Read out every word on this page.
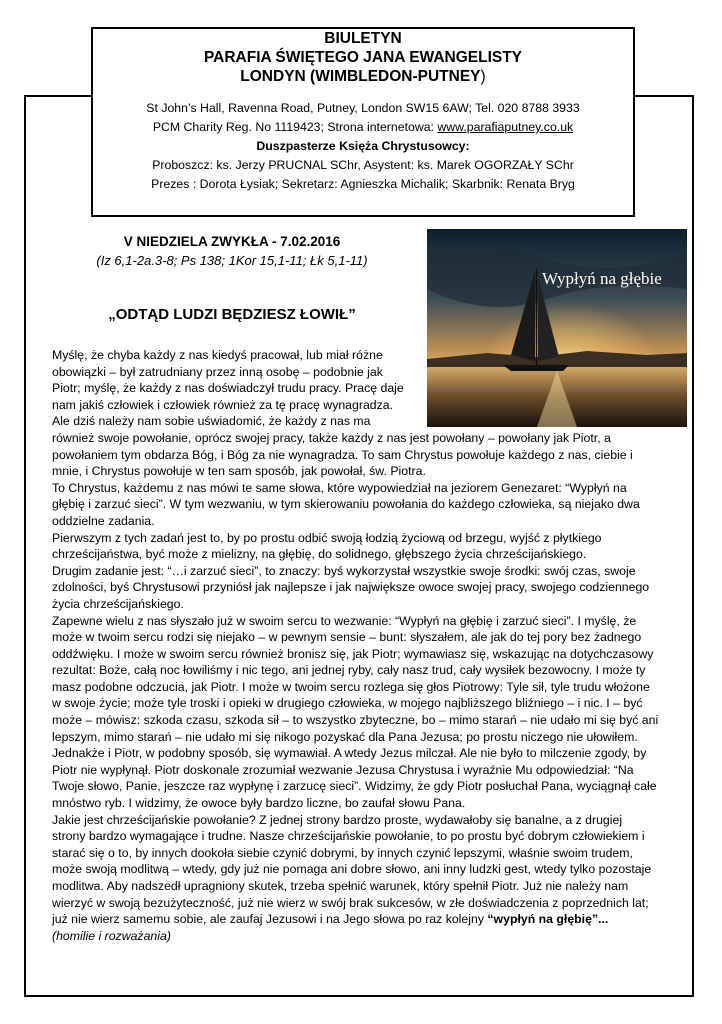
BIULETYN

PARAFIA ŚWIĘTEGO JANA EWANGELISTY

LONDYN (WIMBLEDON-PUTNEY)

St John’s Hall, Ravenna Road, Putney, London SW15 6AW; Tel. 020 8788 3933

PCM Charity Reg. No 1119423; Strona internetowa: www.parafiaputney.co.uk

Duszpasterze Księża Chrystusowcy:

Proboszcz: ks. Jerzy PRUCNAL SChr, Asystent: ks. Marek OGORZAŁY SChr

Prezes : Dorota Łysiak; Sekretarz: Agnieszka Michalik; Skarbnik: Renata Bryg

Wypłyń na głębie

V NIEDZIELA ZWYKŁA - 7.02.2016

(Iz 6,1-2a.3-8; Ps 138; 1Kor 15,1-11; Łk 5,1-11)

„ODTĄD LUDZI BĘDZIESZ ŁOWIŁ”

Myślę, że chyba każdy z nas kiedyś pracował, lub miał różne

obowiązki – był zatrudniany przez inną osobę – podobnie jak

Piotr; myślę, że każdy z nas doświadczył trudu pracy. Pracę daje

nam jakiś człowiek i człowiek również za tę pracę wynagradza.

Ale dziś należy nam sobie uświadomić, że każdy z nas ma

również swoje powołanie, oprócz swojej pracy, także każdy z nas jest powołany – powołany jak Piotr, a

powołaniem tym obdarza Bóg, i Bóg za nie wynagradza. To sam Chrystus powołuje każdego z nas, ciebie i

mnie, i Chrystus powołuje w ten sam sposób, jak powołał, św. Piotra.

To Chrystus, każdemu z nas mówi te same słowa, które wypowiedział na jeziorem Genezaret: “Wypłyń na

głębię i zarzuć sieci”. W tym wezwaniu, w tym skierowaniu powołania do każdego człowieka, są niejako dwa

oddzielne zadania.

Pierwszym z tych zadań jest to, by po prostu odbić swoją łodzią życiową od brzegu, wyjść z płytkiego

chrześcijaństwa, być może z mielizny, na głębię, do solidnego, głębszego życia chrześcijańskiego.

Drugim zadanie jest: “…i zarzuć sieci”, to znaczy: byś wykorzystał wszystkie swoje środki: swój czas, swoje

zdolności, byś Chrystusowi przyniósł jak najlepsze i jak największe owoce swojej pracy, swojego codziennego

życia chrześcijańskiego.

Zapewne wielu z nas słyszało już w swoim sercu to wezwanie: “Wypłyń na głębię i zarzuć sieci”. I myślę, że

może w twoim sercu rodzi się niejako – w pewnym sensie – bunt: słyszałem, ale jak do tej pory bez żadnego

oddźwięku. I może w swoim sercu również bronisz się, jak Piotr; wymawiasz się, wskazując na dotychczasowy

rezultat: Boże, całą noc łowiliśmy i nic tego, ani jednej ryby, cały nasz trud, cały wysiłek bezowocny. I może ty

masz podobne odczucia, jak Piotr. I może w twoim sercu rozlega się głos Piotrowy: Tyle sił, tyle trudu włożone

w swoje życie; może tyle troski i opieki w drugiego człowieka, w mojego najbliższego bliźniego – i nic. I – być

może – mówisz: szkoda czasu, szkoda sił – to wszystko zbyteczne, bo – mimo starań – nie udało mi się być ani

lepszym, mimo starań – nie udało mi się nikogo pozyskać dla Pana Jezusa; po prostu niczego nie ułowiłem.

Jednakże i Piotr, w podobny sposób, się wymawiał. A wtedy Jezus milczał. Ale nie było to milczenie zgody, by

Piotr nie wypłynął. Piotr doskonale zrozumiał wezwanie Jezusa Chrystusa i wyraźnie Mu odpowiedział: “Na

Twoje słowo, Panie, jeszcze raz wypłynę i zarzucę sieci”. Widzimy, że gdy Piotr posłuchał Pana, wyciągnął całe

mnóstwo ryb. I widzimy, że owoce były bardzo liczne, bo zaufał słowu Pana.

Jakie jest chrześcijańskie powołanie? Z jednej strony bardzo proste, wydawałoby się banalne, a z drugiej

strony bardzo wymagające i trudne. Nasze chrześcijańskie powołanie, to po prostu być dobrym człowiekiem i

starać się o to, by innych dookoła siebie czynić dobrymi, by innych czynić lepszymi, właśnie swoim trudem,

może swoją modlitwą – wtedy, gdy już nie pomaga ani dobre słowo, ani inny ludzki gest, wtedy tylko pozostaje

modlitwa. Aby nadszedł upragniony skutek, trzeba spełnić warunek, który spełnił Piotr. Już nie należy nam

wierzyć w swoją bezużyteczność, już nie wierz w swój brak sukcesów, w złe doświadczenia z poprzednich lat;

już nie wierz samemu sobie, ale zaufaj Jezusowi i na Jego słowa po raz kolejny “wypłyń na głębię”...

(homilie i rozważania)
